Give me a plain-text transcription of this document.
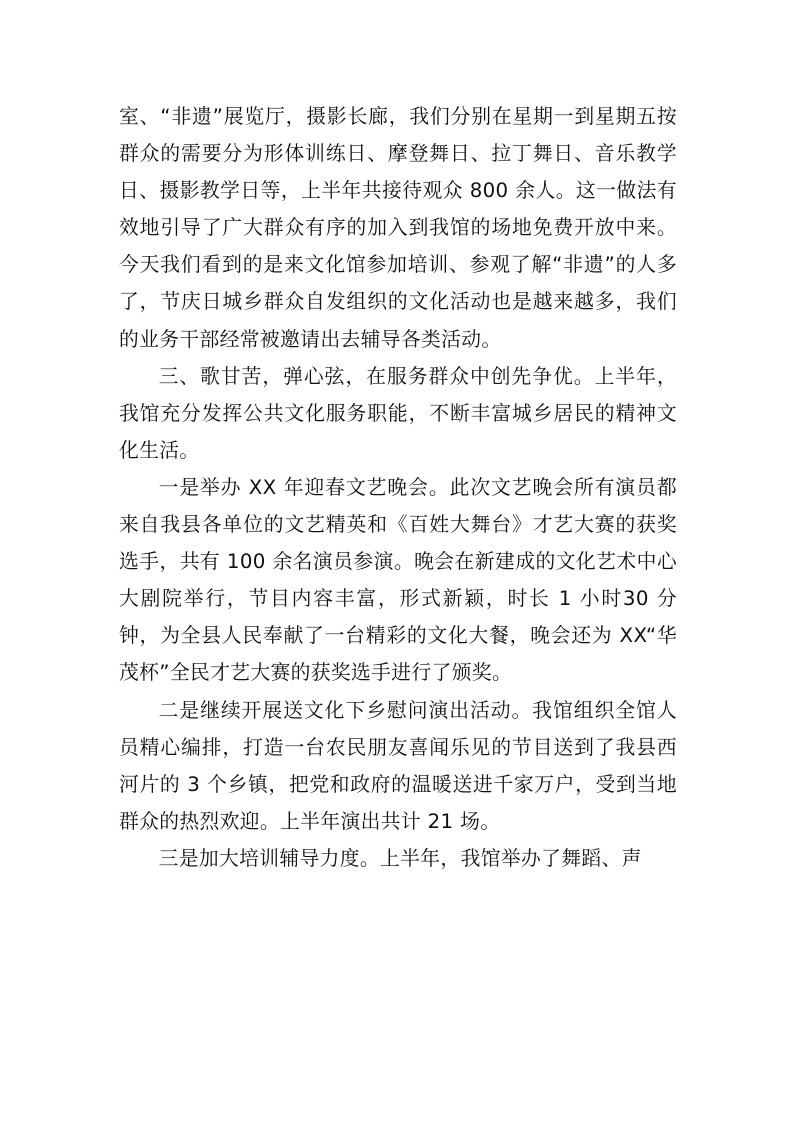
室、“非遗”展览厅，摄影长廊，我们分别在星期一到星期五按群众的需要分为形体训练日、摩登舞日、拉丁舞日、音乐教学日、摄影教学日等，上半年共接待观众 800 余人。这一做法有效地引导了广大群众有序的加入到我馆的场地免费开放中来。今天我们看到的是来文化馆参加培训、参观了解“非遗”的人多了，节庆日城乡群众自发组织的文化活动也是越来越多，我们的业务干部经常被邀请出去辅导各类活动。

三、歌甘苦，弹心弦，在服务群众中创先争优。上半年，我馆充分发挥公共文化服务职能，不断丰富城乡居民的精神文化生活。

一是举办 XX 年迎春文艺晚会。此次文艺晚会所有演员都来自我县各单位的文艺精英和《百姓大舞台》才艺大赛的获奖选手，共有 100 余名演员参演。晚会在新建成的文化艺术中心大剧院举行，节目内容丰富，形式新颖，时长 1 小时30 分钟，为全县人民奉献了一台精彩的文化大餐，晚会还为 XX“华茂杯”全民才艺大赛的获奖选手进行了颁奖。

二是继续开展送文化下乡慰问演出活动。我馆组织全馆人员精心编排，打造一台农民朋友喜闻乐见的节目送到了我县西河片的 3 个乡镇，把党和政府的温暖送进千家万户，受到当地群众的热烈欢迎。上半年演出共计 21 场。

三是加大培训辅导力度。上半年，我馆举办了舞蹈、声
